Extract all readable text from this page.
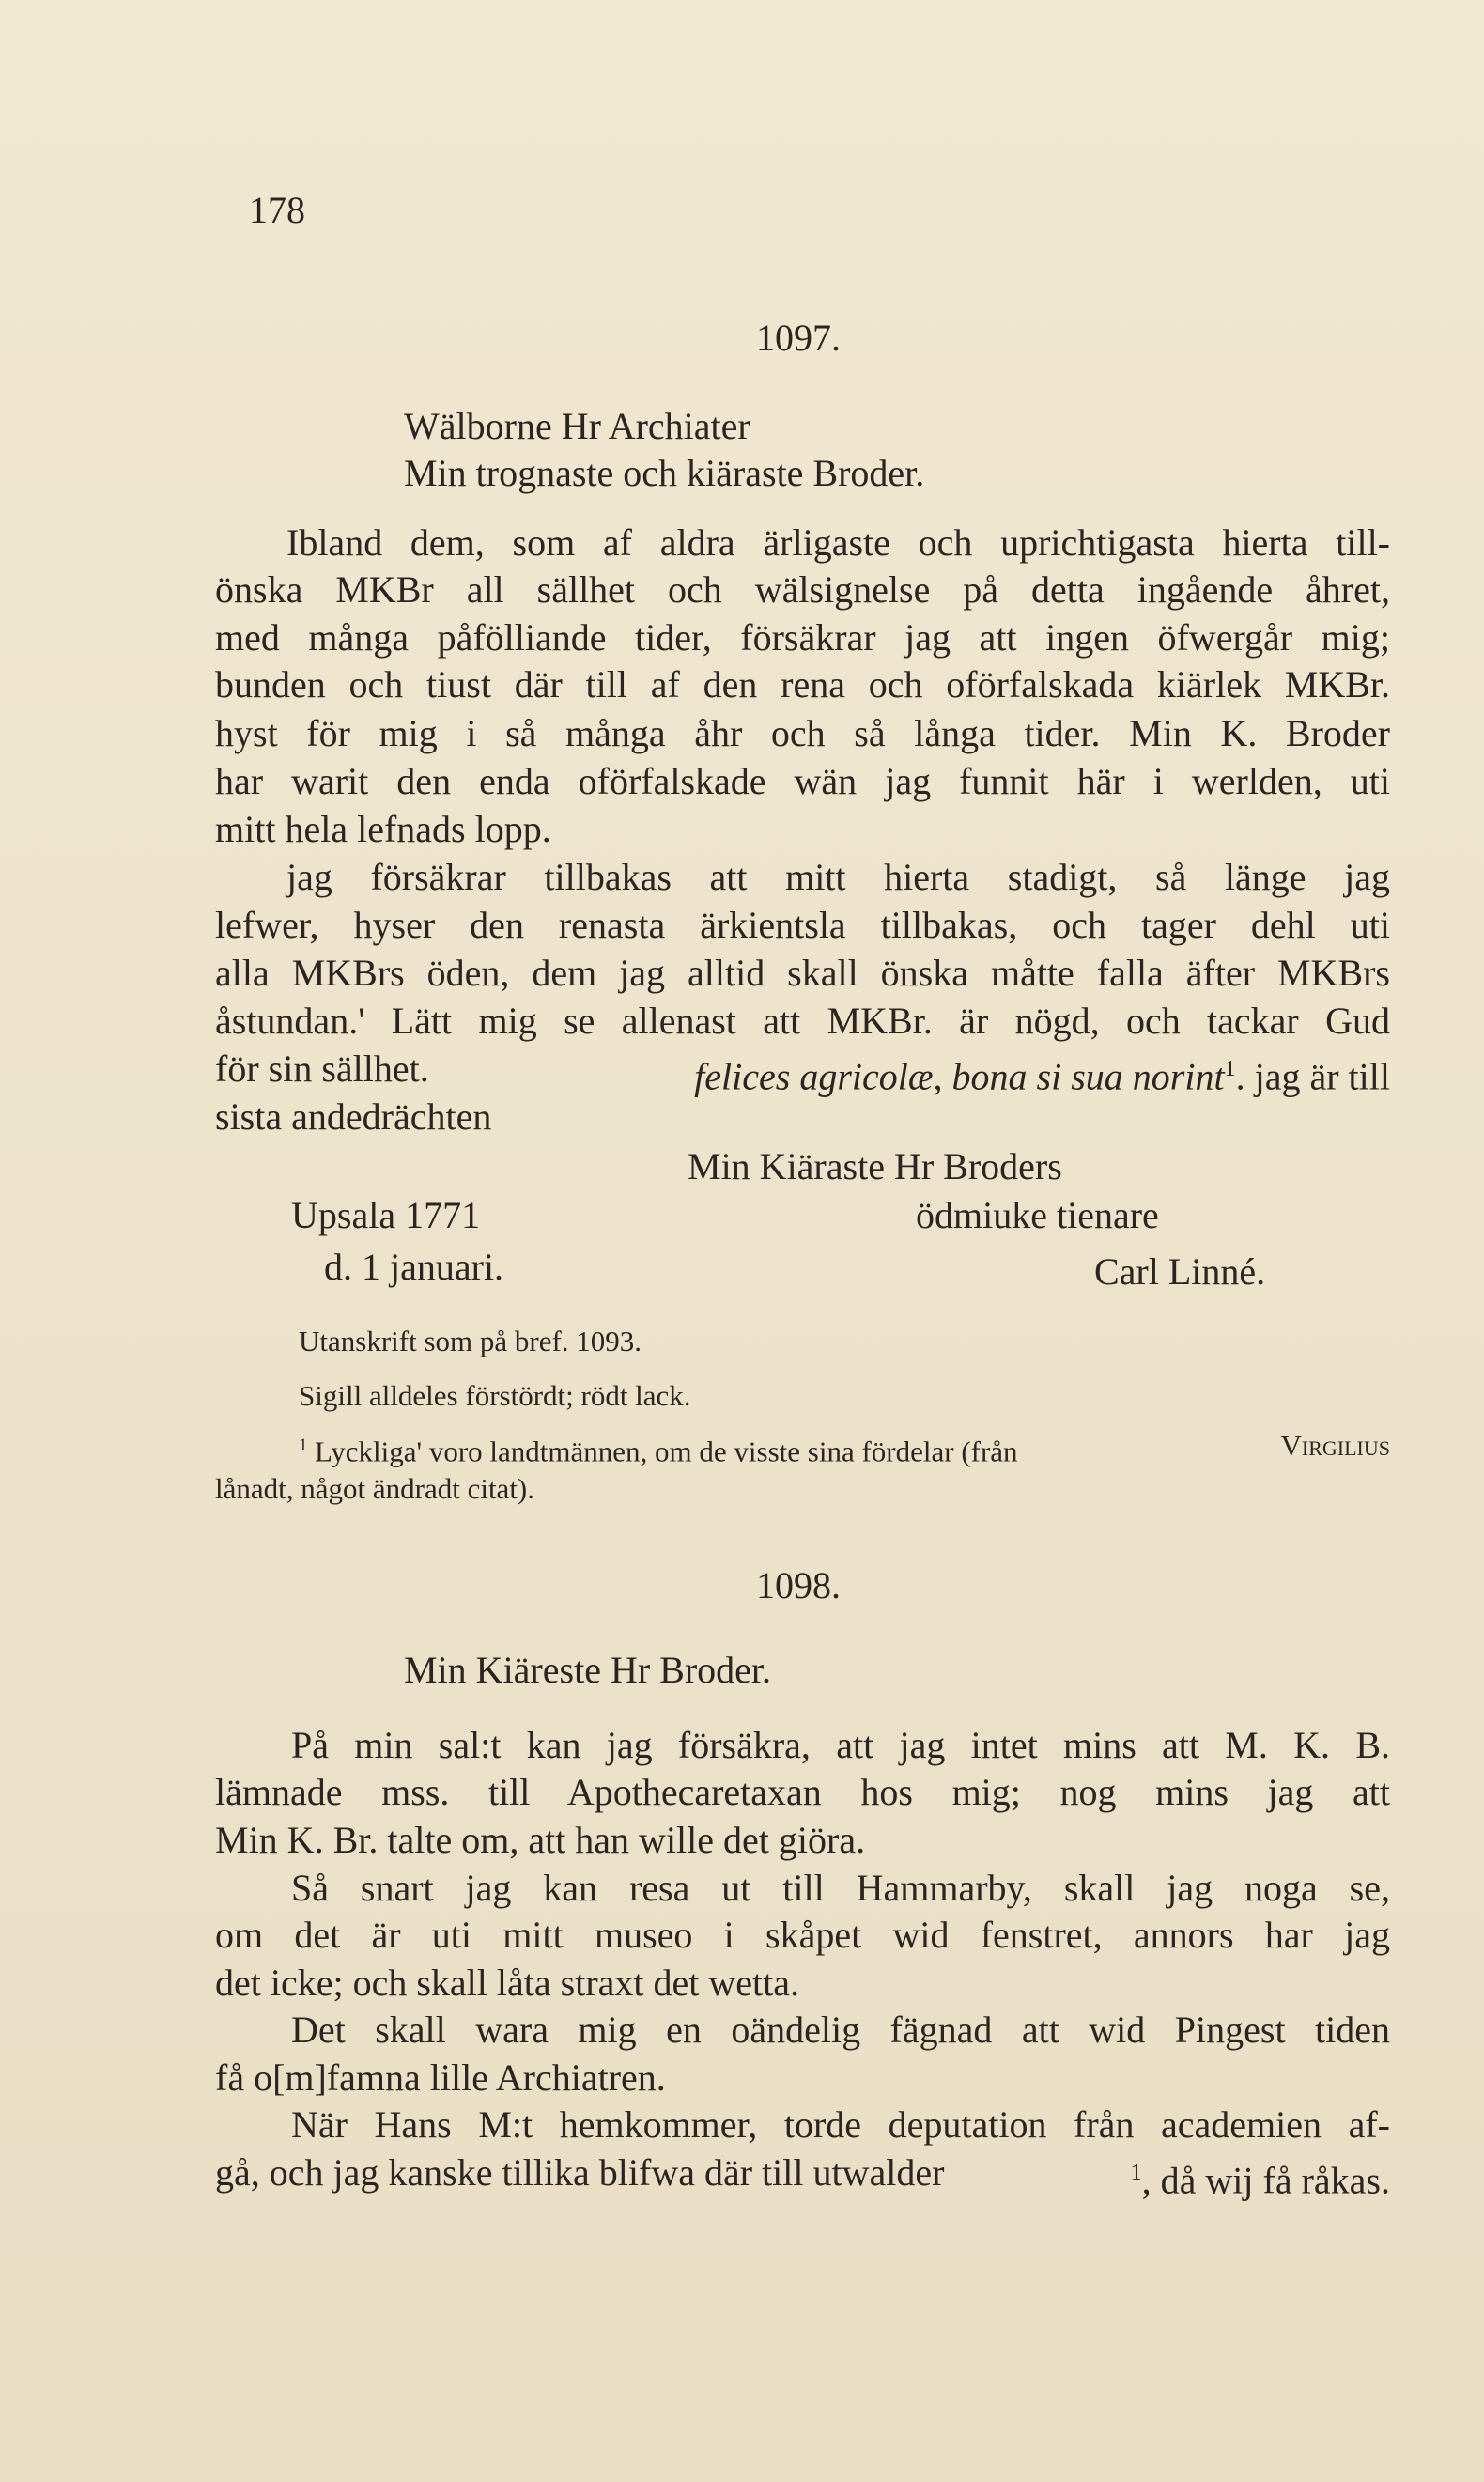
178
1097.
Wälborne Hr Archiater
Min trognaste och kiäraste Broder.
Ibland dem, som af aldra ärligaste och uprichtigasta hierta till-
önska MKBr all sällhet och wälsignelse på detta ingående åhret,
med många påfölliande tider, försäkrar jag att ingen öfwergår mig;
bunden och tiust där till af den rena och oförfalskada kiärlek MKBr.
hyst för mig i så många åhr och så långa tider. Min K. Broder
har warit den enda oförfalskade wän jag funnit här i werlden, uti
mitt hela lefnads lopp.
jag försäkrar tillbakas att mitt hierta stadigt, så länge jag
lefwer, hyser den renasta ärkientsla tillbakas, och tager dehl uti
alla MKBrs öden, dem jag alltid skall önska måtte falla äfter MKBrs
åstundan.' Lätt mig se allenast att MKBr. är nögd, och tackar Gud
för sin sällhet.	felices agricolæ, bona si sua norint$^1$. jag är till
sista andedrächten
Min Kiäraste Hr Broders
Upsala 1771	ödmiuke tienare
d. 1 januari.	Carl Linné.
Utanskrift som på bref. 1093.
Sigill alldeles förstördt; rödt lack.
$^1$ Lyckliga' voro landtmännen, om de visste sina fördelar (från	Virgilius
lånadt, något ändradt citat).
1098.
Min Kiäreste Hr Broder.
På min sal:t kan jag försäkra, att jag intet mins att M. K. B.
lämnade mss. till Apothecaretaxan hos mig; nog mins jag att
Min K. Br. talte om, att han wille det giöra.
Så snart jag kan resa ut till Hammarby, skall jag noga se,
om det är uti mitt museo i skåpet wid fenstret, annors har jag
det icke; och skall låta straxt det wetta.
Det skall wara mig en oändelig fägnad att wid Pingest tiden
få o[m]famna lille Archiatren.
När Hans M:t hemkommer, torde deputation från academien af-
gå, och jag kanske tillika blifwa där till utwalder	$^1$, då wij få råkas.
